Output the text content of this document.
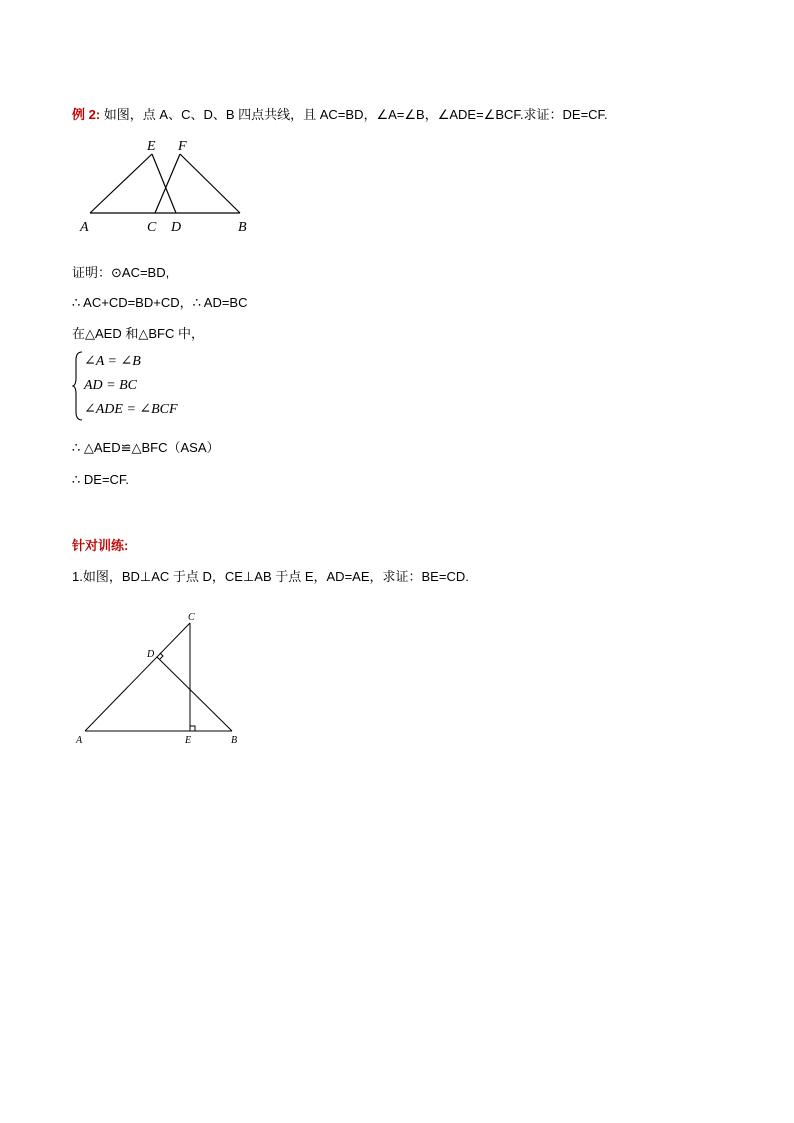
例 2: 如图，点 A、C、D、B 四点共线，且 AC=BD，∠A=∠B，∠ADE=∠BCF.求证：DE=CF.
E F
A	C D	B
证明：⊙AC=BD,
∴ AC+CD=BD+CD，∴ AD=BC
在△AED 和△BFC 中，
∠A = ∠B
AD = BC
∠ADE = ∠BCF
∴ △AED≌△BFC（ASA）
∴ DE=CF.
针对训练:
1.如图，BD⊥AC 于点 D，CE⊥AB 于点 E，AD=AE，求证：BE=CD.
C
D
A	E	B
